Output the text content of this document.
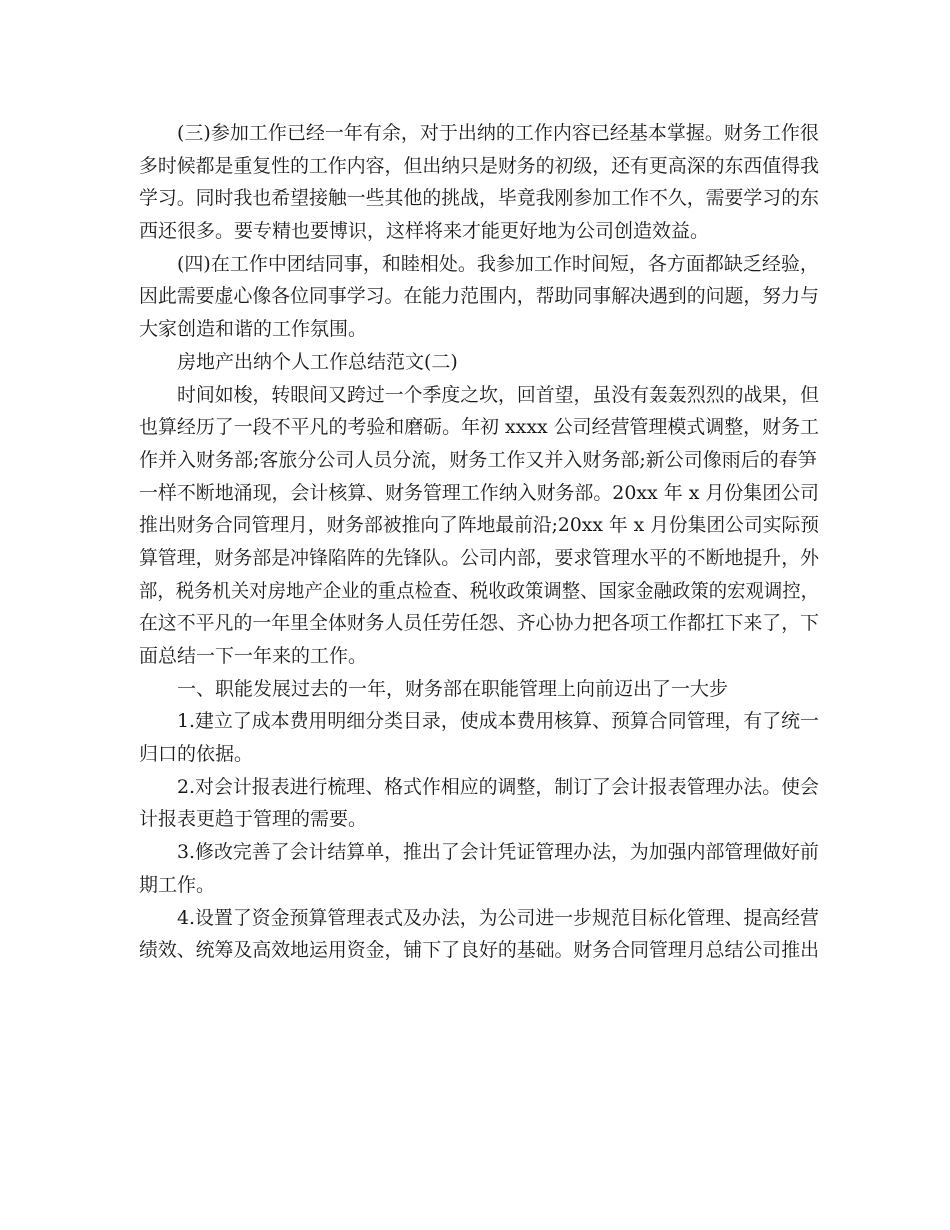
(三)参加工作已经一年有余，对于出纳的工作内容已经基本掌握。财务工作很
多时候都是重复性的工作内容，但出纳只是财务的初级，还有更高深的东西值得我
学习。同时我也希望接触一些其他的挑战，毕竟我刚参加工作不久，需要学习的东
西还很多。要专精也要博识，这样将来才能更好地为公司创造效益。
(四)在工作中团结同事，和睦相处。我参加工作时间短，各方面都缺乏经验，
因此需要虚心像各位同事学习。在能力范围内，帮助同事解决遇到的问题，努力与
大家创造和谐的工作氛围。
房地产出纳个人工作总结范文(二)
时间如梭，转眼间又跨过一个季度之坎，回首望，虽没有轰轰烈烈的战果，但
也算经历了一段不平凡的考验和磨砺。年初 xxxx 公司经营管理模式调整，财务工
作并入财务部;客旅分公司人员分流，财务工作又并入财务部;新公司像雨后的春笋
一样不断地涌现，会计核算、财务管理工作纳入财务部。20xx 年 x 月份集团公司
推出财务合同管理月，财务部被推向了阵地最前沿;20xx 年 x 月份集团公司实际预
算管理，财务部是冲锋陷阵的先锋队。公司内部，要求管理水平的不断地提升，外
部，税务机关对房地产企业的重点检查、税收政策调整、国家金融政策的宏观调控，
在这不平凡的一年里全体财务人员任劳任怨、齐心协力把各项工作都扛下来了，下
面总结一下一年来的工作。
一、职能发展过去的一年，财务部在职能管理上向前迈出了一大步
1.建立了成本费用明细分类目录，使成本费用核算、预算合同管理，有了统一
归口的依据。
2.对会计报表进行梳理、格式作相应的调整，制订了会计报表管理办法。使会
计报表更趋于管理的需要。
3.修改完善了会计结算单，推出了会计凭证管理办法，为加强内部管理做好前
期工作。
4.设置了资金预算管理表式及办法，为公司进一步规范目标化管理、提高经营
绩效、统筹及高效地运用资金，铺下了良好的基础。财务合同管理月总结公司推出
